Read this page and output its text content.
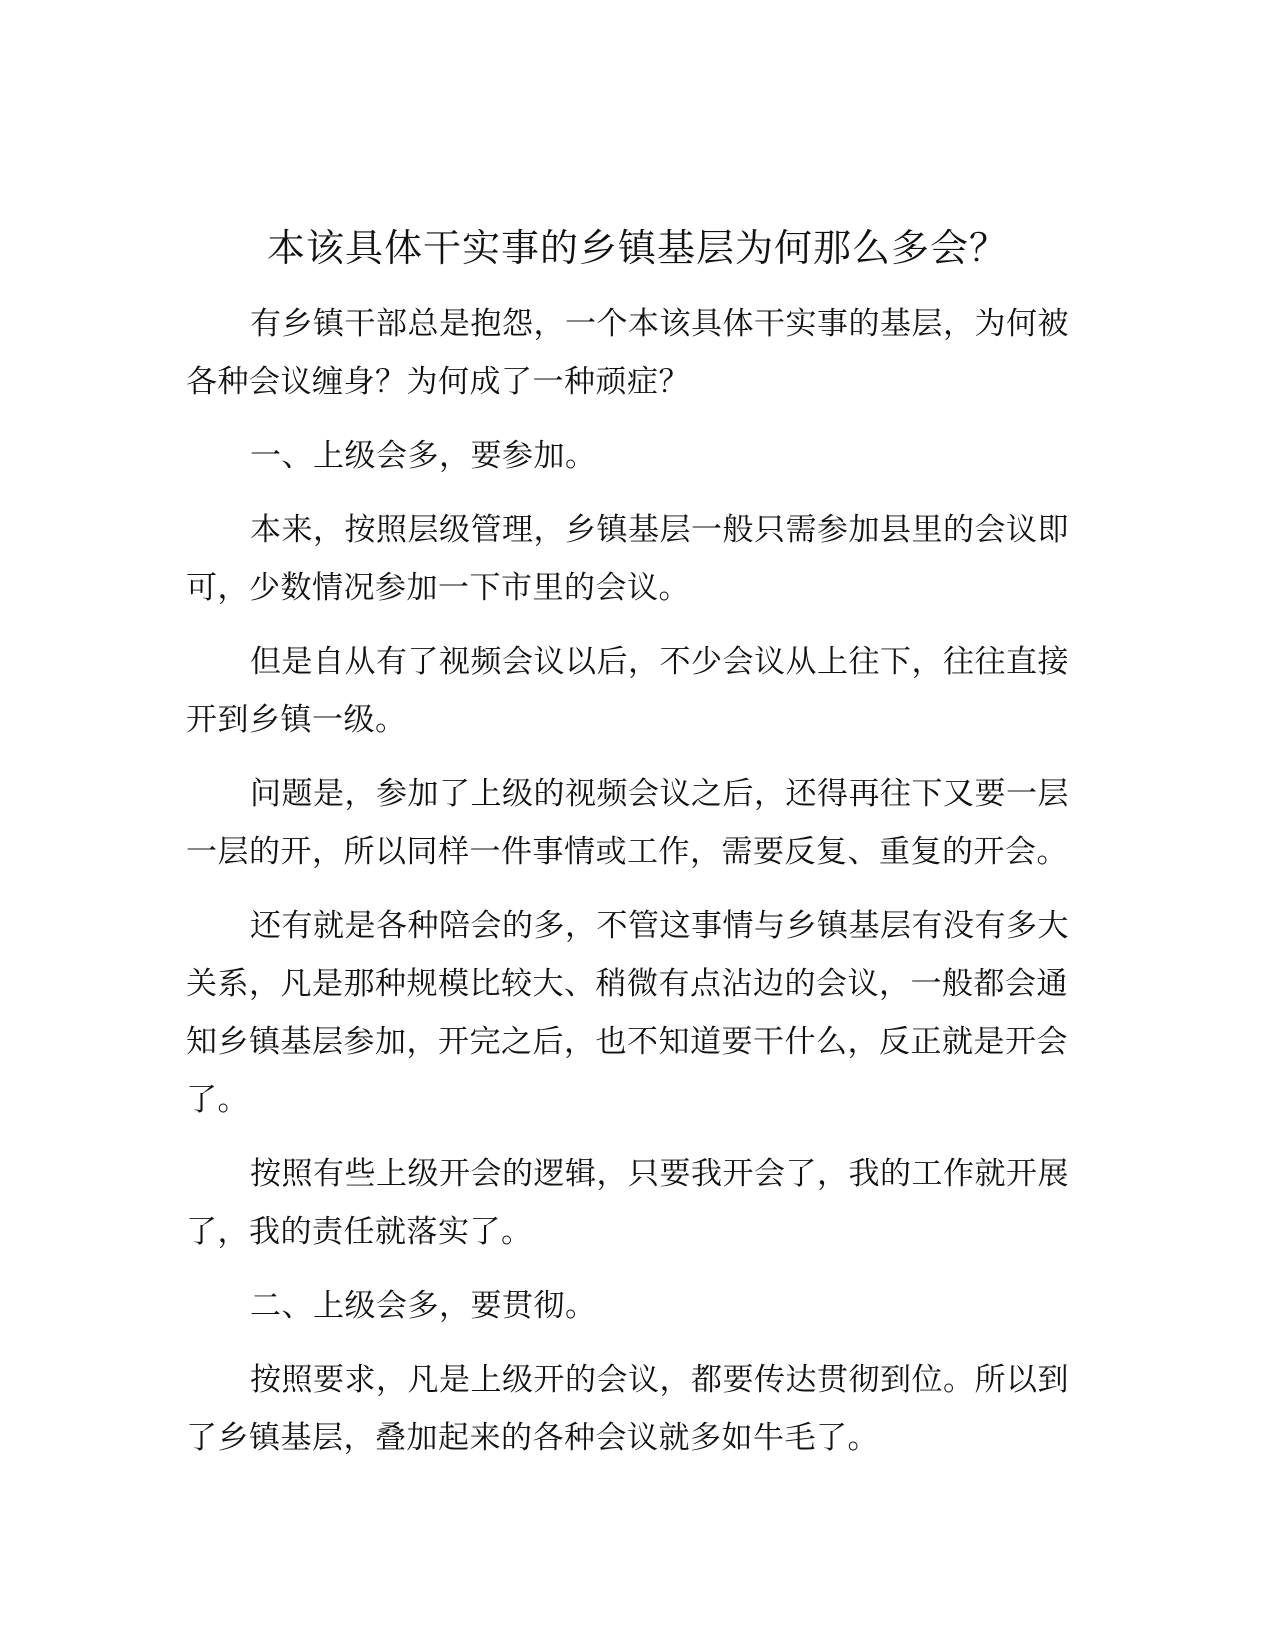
本该具体干实事的乡镇基层为何那么多会？

有乡镇干部总是抱怨，一个本该具体干实事的基层，为何被各种会议缠身？为何成了一种顽症？

一、上级会多，要参加。

本来，按照层级管理，乡镇基层一般只需参加县里的会议即可，少数情况参加一下市里的会议。

但是自从有了视频会议以后，不少会议从上往下，往往直接开到乡镇一级。

问题是，参加了上级的视频会议之后，还得再往下又要一层一层的开，所以同样一件事情或工作，需要反复、重复的开会。

还有就是各种陪会的多，不管这事情与乡镇基层有没有多大关系，凡是那种规模比较大、稍微有点沾边的会议，一般都会通知乡镇基层参加，开完之后，也不知道要干什么，反正就是开会了。

按照有些上级开会的逻辑，只要我开会了，我的工作就开展了，我的责任就落实了。

二、上级会多，要贯彻。

按照要求，凡是上级开的会议，都要传达贯彻到位。所以到了乡镇基层，叠加起来的各种会议就多如牛毛了。
